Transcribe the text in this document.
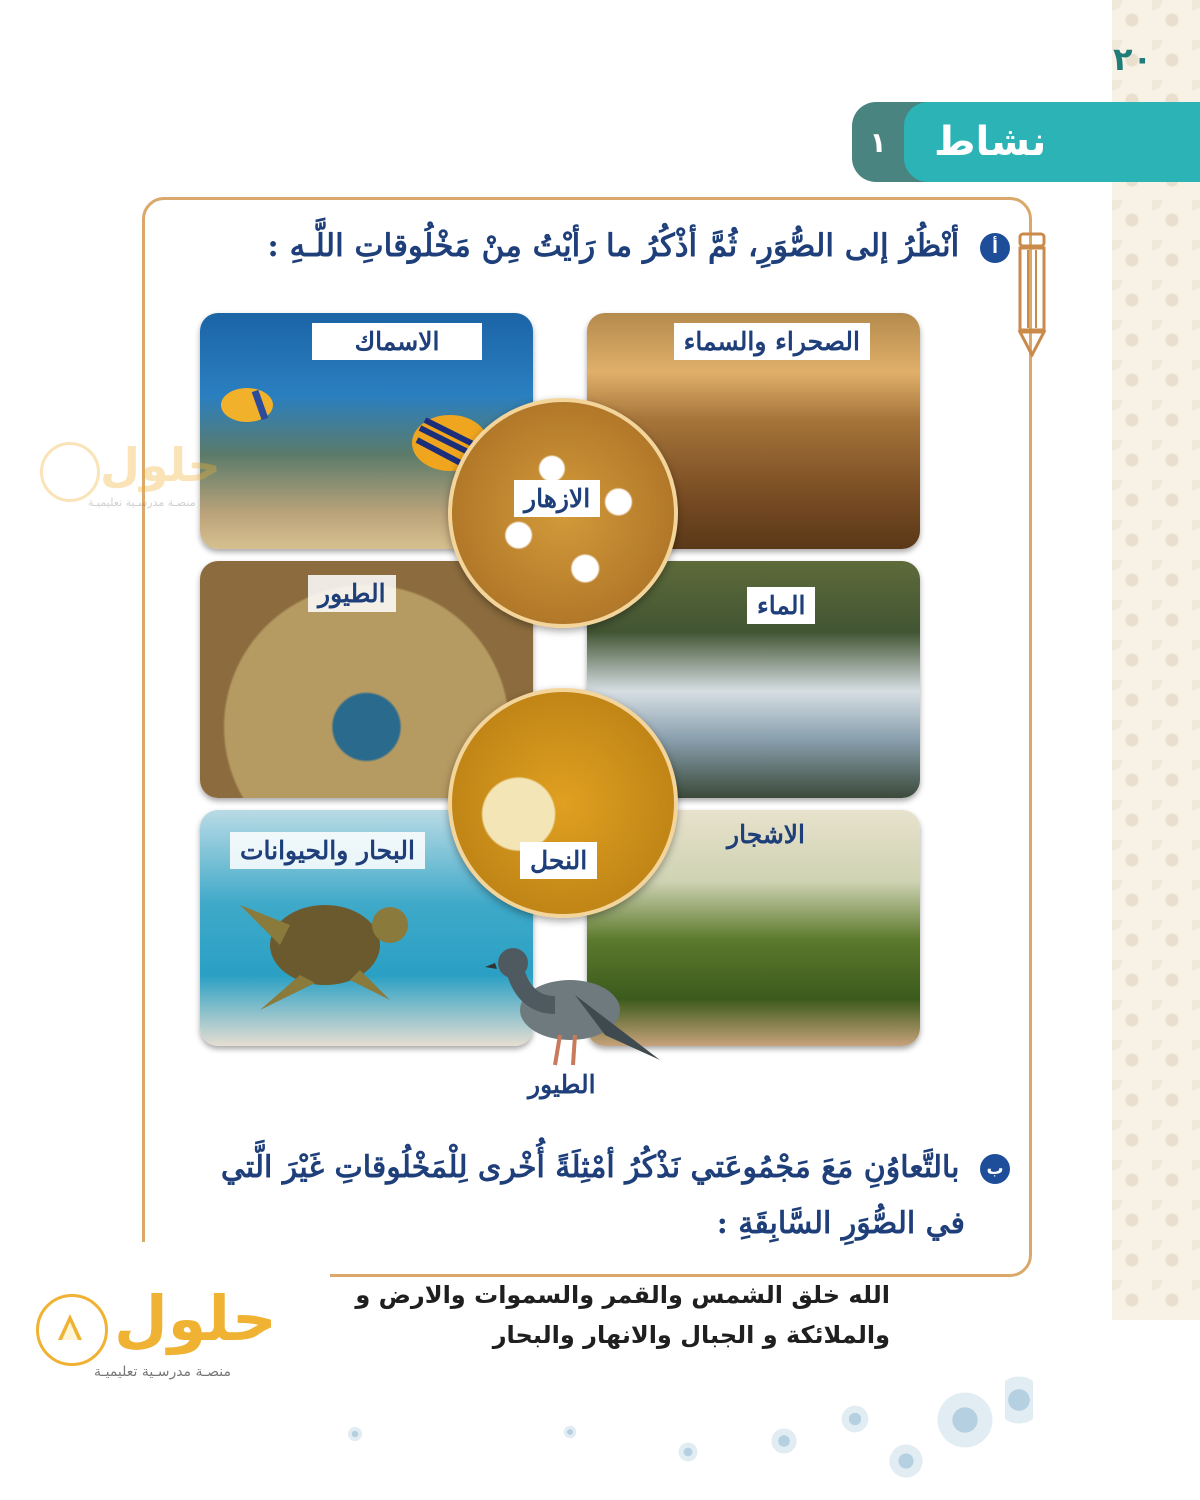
٢٠
١	نشاط
أ أنْظُرُ إلى الصُّوَرِ، ثُمَّ أذْكُرُ ما رَأيْتُ مِنْ مَخْلُوقاتِ اللَّـهِ :
الصحراء والسماء
الاسماك
الماء
الطيور
الاشجار
البحار والحيوانات
الازهار
النحل
الطيور
ب بالتَّعاوُنِ مَعَ مَجْمُوعَتي نَذْكُرُ أمْثِلَةً أُخْرى لِلْمَخْلُوقاتِ غَيْرَ الَّتي
في الصُّوَرِ السَّابِقَةِ :
الله خلق الشمس والقمر والسموات والارض و
والملائكة و الجبال والانهار والبحار
حلول
منصـة مدرسـية تعليميـة
حلول
منصـة مدرسـية تعليميـة
